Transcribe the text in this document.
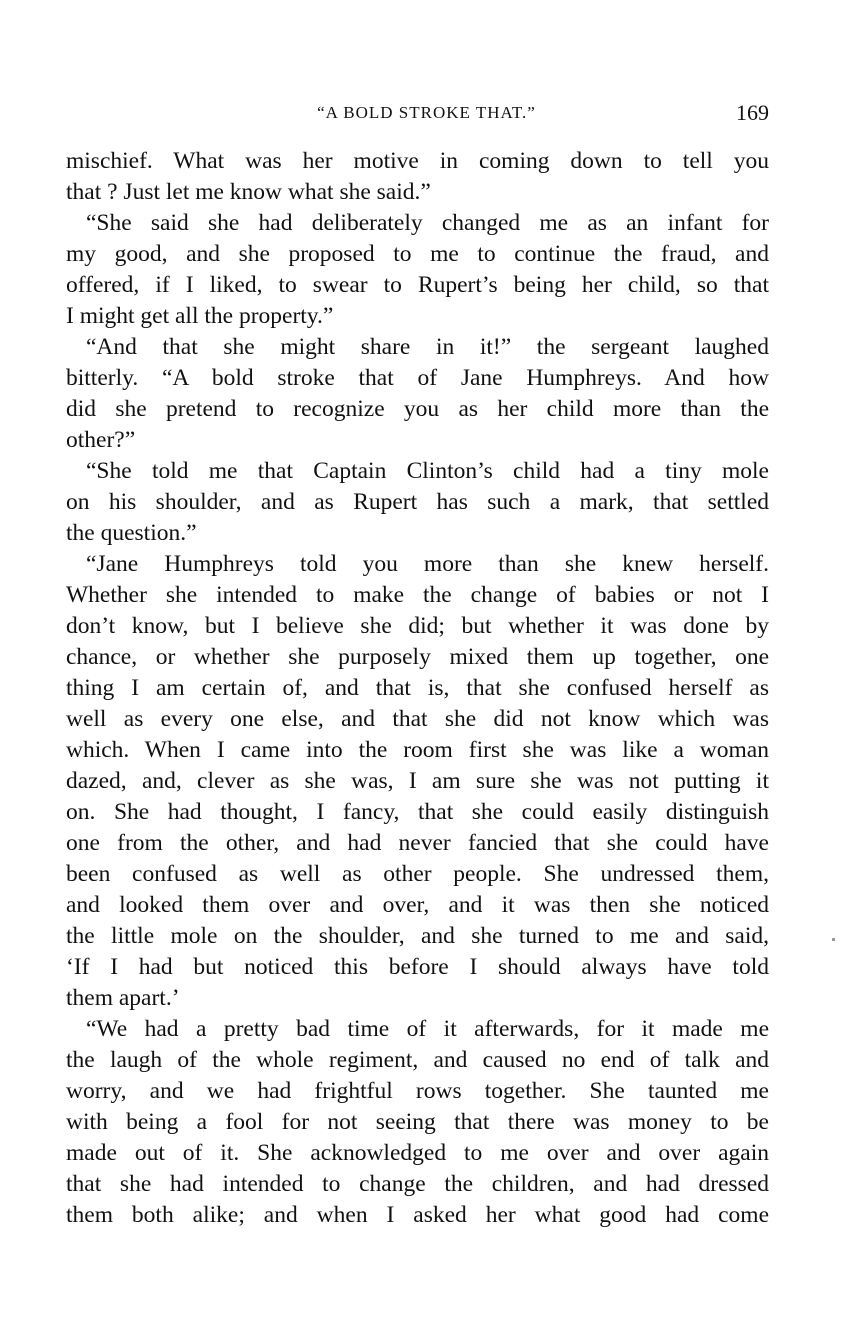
“A BOLD STROKE THAT.”	169
mischief. What was her motive in coming down to tell you
that ? Just let me know what she said.”
“She said she had deliberately changed me as an infant for
my good, and she proposed to me to continue the fraud, and
offered, if I liked, to swear to Rupert’s being her child, so that
I might get all the property.”
“And that she might share in it!” the sergeant laughed
bitterly. “A bold stroke that of Jane Humphreys. And how
did she pretend to recognize you as her child more than the
other?”
“She told me that Captain Clinton’s child had a tiny mole
on his shoulder, and as Rupert has such a mark, that settled
the question.”
“Jane Humphreys told you more than she knew herself.
Whether she intended to make the change of babies or not I
don’t know, but I believe she did; but whether it was done by
chance, or whether she purposely mixed them up together, one
thing I am certain of, and that is, that she confused herself as
well as every one else, and that she did not know which was
which. When I came into the room first she was like a woman
dazed, and, clever as she was, I am sure she was not putting it
on. She had thought, I fancy, that she could easily distinguish
one from the other, and had never fancied that she could have
been confused as well as other people. She undressed them,
and looked them over and over, and it was then she noticed
the little mole on the shoulder, and she turned to me and said,
‘If I had but noticed this before I should always have told
them apart.’
“We had a pretty bad time of it afterwards, for it made me
the laugh of the whole regiment, and caused no end of talk and
worry, and we had frightful rows together. She taunted me
with being a fool for not seeing that there was money to be
made out of it. She acknowledged to me over and over again
that she had intended to change the children, and had dressed
them both alike; and when I asked her what good had come
